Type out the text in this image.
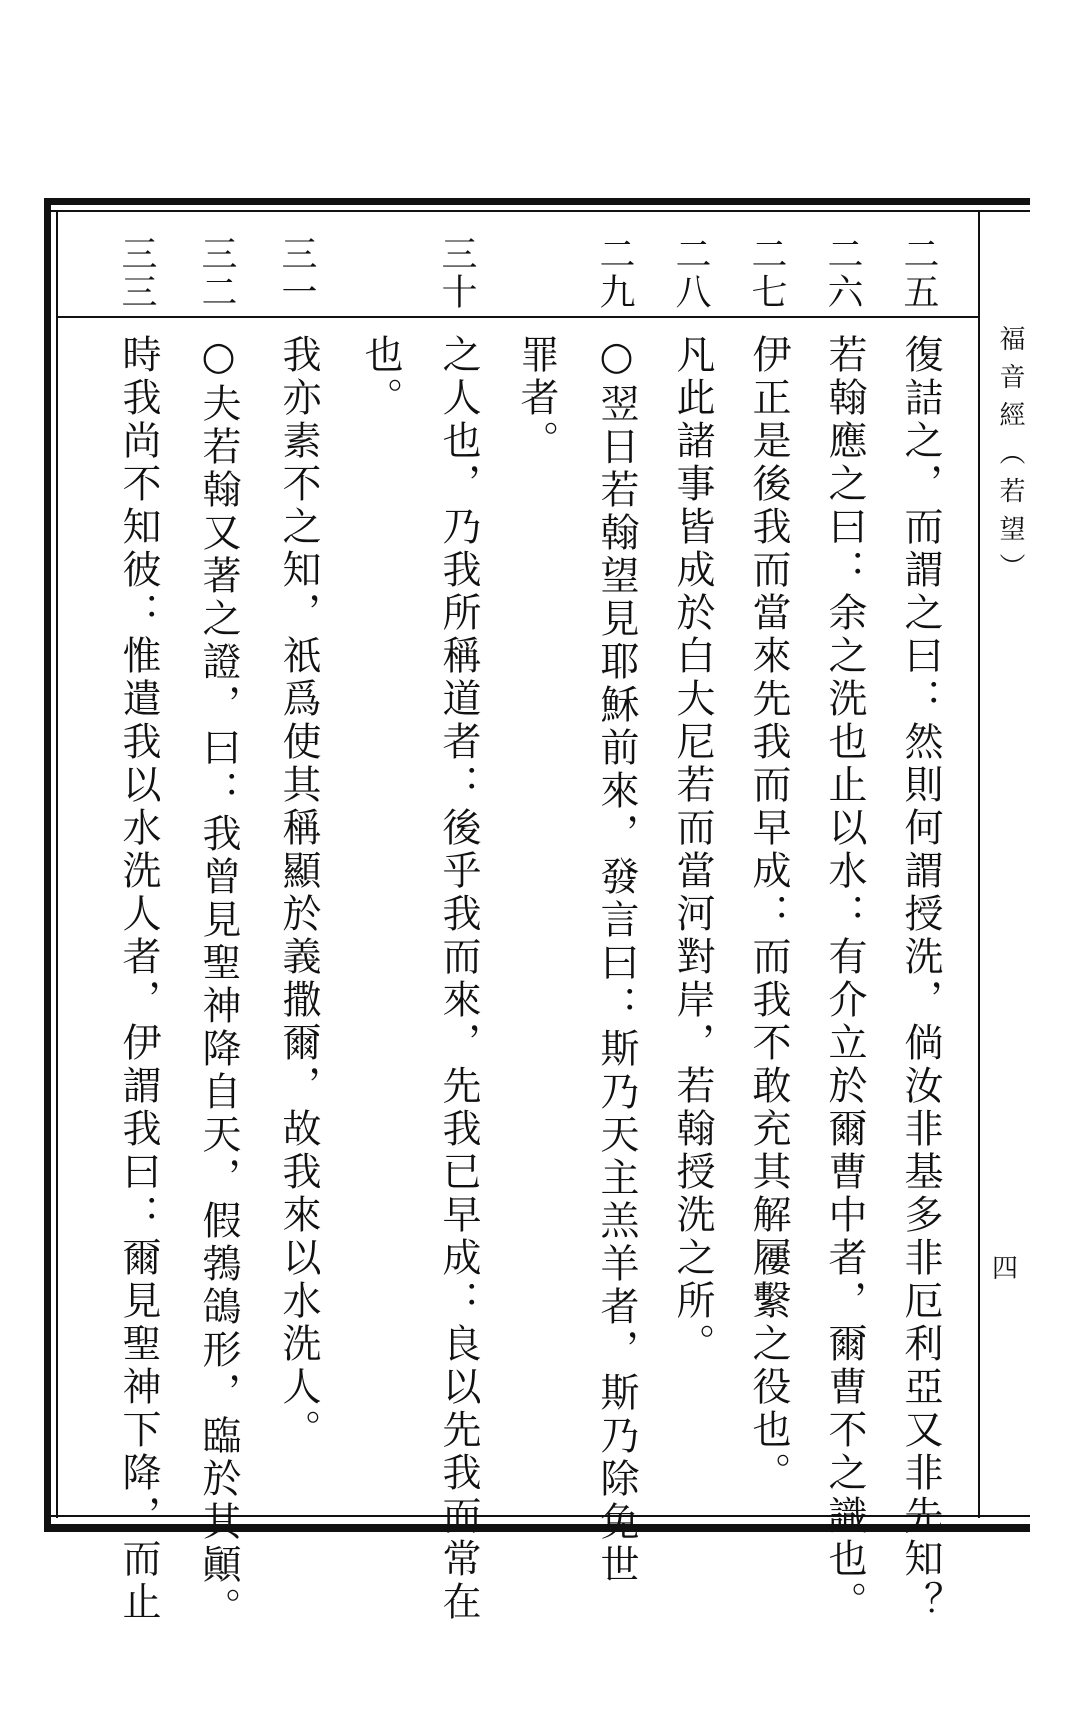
福音經（若望）
四
二五
復詰之，而謂之曰：然則何謂授洗，倘汝非基多非厄利亞又非先知？
二六
若翰應之曰：余之洗也止以水：有介立於爾曹中者，爾曹不之識也。
二七
伊正是後我而當來先我而早成：而我不敢充其解屨繫之役也。
二八
凡此諸事皆成於白大尼若而當河對岸，若翰授洗之所。
二九
○翌日若翰望見耶穌前來，發言曰：斯乃天主羔羊者，斯乃除免世
罪者。
三十
之人也，乃我所稱道者：後乎我而來，先我已早成：良以先我而常在
也。
三一
我亦素不之知，祇爲使其稱顯於義撒爾，故我來以水洗人。
三二
○夫若翰又著之證，曰：我曾見聖神降自天，假鵓鴿形，臨於其顚。
三三
時我尚不知彼：惟遣我以水洗人者，伊謂我曰：爾見聖神下降，而止
